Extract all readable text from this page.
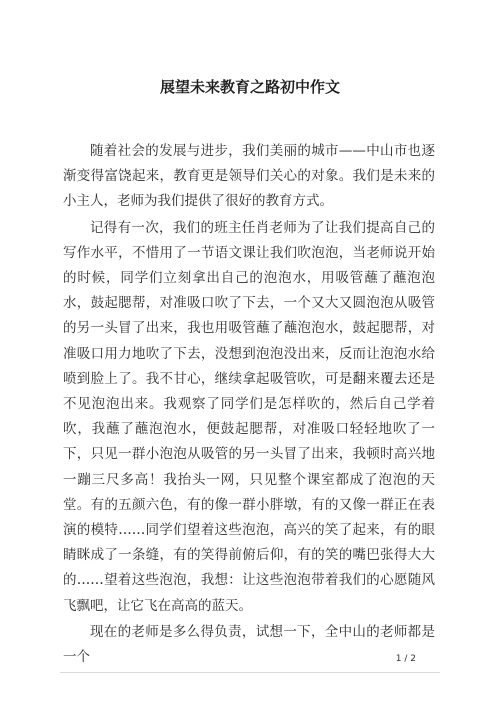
展望未来教育之路初中作文

随着社会的发展与进步，我们美丽的城市——中山市也逐渐变得富饶起来，教育更是领导们关心的对象。我们是未来的小主人，老师为我们提供了很好的教育方式。

记得有一次，我们的班主任肖老师为了让我们提高自己的写作水平，不惜用了一节语文课让我们吹泡泡，当老师说开始的时候，同学们立刻拿出自己的泡泡水，用吸管蘸了蘸泡泡水，鼓起腮帮，对准吸口吹了下去，一个又大又圆泡泡从吸管的另一头冒了出来，我也用吸管蘸了蘸泡泡水，鼓起腮帮，对准吸口用力地吹了下去，没想到泡泡没出来，反而让泡泡水给喷到脸上了。我不甘心，继续拿起吸管吹，可是翻来覆去还是不见泡泡出来。我观察了同学们是怎样吹的，然后自己学着吹，我蘸了蘸泡泡水，便鼓起腮帮，对准吸口轻轻地吹了一下，只见一群小泡泡从吸管的另一头冒了出来，我顿时高兴地一蹦三尺多高！我抬头一网，只见整个课室都成了泡泡的天堂。有的五颜六色，有的像一群小胖墩，有的又像一群正在表演的模特……同学们望着这些泡泡，高兴的笑了起来，有的眼睛眯成了一条缝，有的笑得前俯后仰，有的笑的嘴巴张得大大的……望着这些泡泡，我想：让这些泡泡带着我们的心愿随风飞飘吧，让它飞在高高的蓝天。

现在的老师是多么得负责，试想一下，全中山的老师都是一个	1 / 2
